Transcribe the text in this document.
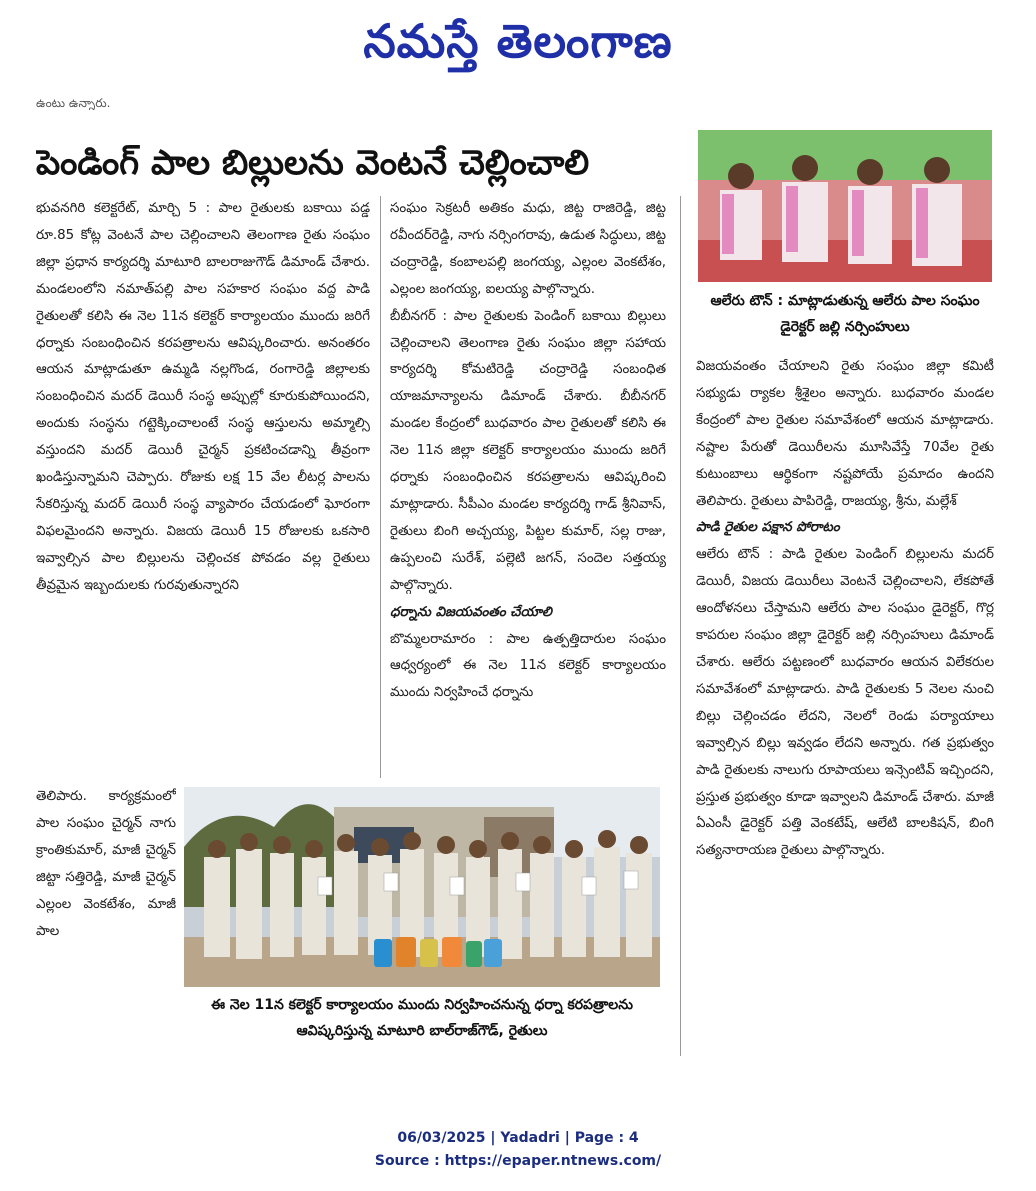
నమస్తే తెలంగాణ
ఉంటు ఉన్నారు.
పెండింగ్‌ పాల బిల్లులను వెంటనే చెల్లించాలి

భువనగిరి కలెక్టరేట్‌, మార్చి 5 : పాల రైతులకు బకాయి పడ్డ రూ.85 కోట్ల వెంటనే పాల చెల్లించాలని తెలంగాణ రైతు సంఘం జిల్లా ప్రధాన కార్యదర్శి మాటూరి బాలరాజుగౌడ్‌ డిమాండ్‌ చేశారు. మండలంలోని నమాత్‌పల్లి పాల సహకార సంఘం వద్ద పాడి రైతులతో కలిసి ఈ నెల 11న కలెక్టర్‌ కార్యాలయం ముందు జరిగే ధర్నాకు సంబంధించిన కరపత్రాలను ఆవిష్కరించారు. అనంతరం ఆయన మాట్లాడుతూ ఉమ్మడి నల్లగొండ, రంగారెడ్డి జిల్లాలకు సంబంధించిన మదర్‌ డెయిరీ సంస్థ అప్పుల్లో కూరుకుపోయిందని, అందుకు సంస్థను గట్టెక్కించాలంటే సంస్థ ఆస్తులను అమ్మాల్సి వస్తుందని మదర్‌ డెయిరీ చైర్మన్‌ ప్రకటించడాన్ని తీవ్రంగా ఖండిస్తున్నామని చెప్పారు. రోజుకు లక్ష 15 వేల లీటర్ల పాలను సేకరిస్తున్న మదర్‌ డెయిరీ సంస్థ వ్యాపారం చేయడంలో ఘోరంగా విఫలమైందని అన్నారు. విజయ డెయిరీ 15 రోజులకు ఒకసారి ఇవ్వాల్సిన పాల బిల్లులను చెల్లించక పోవడం వల్ల రైతులు తీవ్రమైన ఇబ్బందులకు గురవుతున్నారని

తెలిపారు. కార్యక్రమంలో పాల సంఘం చైర్మన్‌ నాగు క్రాంతికుమార్‌, మాజీ చైర్మన్‌ జిట్టా సత్తిరెడ్డి, మాజీ చైర్మన్‌ ఎల్లంల వెంకటేశం, మాజీ పాల

సంఘం సెక్రటరీ అతికం మధు, జిట్ట రాజిరెడ్డి, జిట్ట రవీందర్‌రెడ్డి, నాగు నర్సింగరావు, ఉడుత సిద్ధులు, జిట్ట చంద్రారెడ్డి, కంబాలపల్లి జంగయ్య, ఎల్లంల వెంకటేశం, ఎల్లంల జంగయ్య, ఐలయ్య పాల్గొన్నారు.

బీబీనగర్‌ : పాల రైతులకు పెండింగ్‌ బకాయి బిల్లులు చెల్లించాలని తెలంగాణ రైతు సంఘం జిల్లా సహాయ కార్యదర్శి కోమటిరెడ్డి చంద్రారెడ్డి సంబంధిత యాజమాన్యాలను డిమాండ్‌ చేశారు. బీబీనగర్‌ మండల కేంద్రంలో బుధవారం పాల రైతులతో కలిసి ఈ నెల 11న జిల్లా కలెక్టర్‌ కార్యాలయం ముందు జరిగే ధర్నాకు సంబంధించిన కరపత్రాలను ఆవిష్కరించి మాట్లాడారు. సీపీఎం మండల కార్యదర్శి గాడ్‌ శ్రీనివాస్‌, రైతులు బింగి అచ్చయ్య, పిట్టల కుమార్‌, సల్ల రాజు, ఉప్పలంచి సురేశ్‌, పల్లెటి జగన్‌, సందెల సత్తయ్య పాల్గొన్నారు.

ధర్నాను విజయవంతం చేయాలి

బొమ్మలరామారం : పాల ఉత్పత్తిదారుల సంఘం ఆధ్వర్యంలో ఈ నెల 11న కలెక్టర్‌ కార్యాలయం ముందు నిర్వహించే ధర్నాను

ఈ నెల 11న కలెక్టర్‌ కార్యాలయం ముందు నిర్వహించనున్న ధర్నా కరపత్రాలను ఆవిష్కరిస్తున్న మాటూరి బాల్‌రాజ్‌గౌడ్‌, రైతులు
ఆలేరు టౌన్‌ : మాట్లాడుతున్న ఆలేరు పాల సంఘం డైరెక్టర్‌ జల్లి నర్సింహులు

విజయవంతం చేయాలని రైతు సంఘం జిల్లా కమిటీ సభ్యుడు ర్యాకల శ్రీశైలం అన్నారు. బుధవారం మండల కేంద్రంలో పాల రైతుల సమావేశంలో ఆయన మాట్లాడారు. నష్టాల పేరుతో డెయిరీలను మూసివేస్తే 70వేల రైతు కుటుంబాలు ఆర్థికంగా నష్టపోయే ప్రమాదం ఉందని తెలిపారు. రైతులు పాపిరెడ్డి, రాజయ్య, శ్రీను, మల్లేశ్‌

పాడి రైతుల పక్షాన పోరాటం

ఆలేరు టౌన్‌ : పాడి రైతుల పెండింగ్‌ బిల్లులను మదర్‌ డెయిరీ, విజయ డెయిరీలు వెంటనే చెల్లించాలని, లేకపోతే ఆందోళనలు చేస్తామని ఆలేరు పాల సంఘం డైరెక్టర్‌, గొర్ల కాపరుల సంఘం జిల్లా డైరెక్టర్‌ జల్లి నర్సింహులు డిమాండ్‌ చేశారు. ఆలేరు పట్టణంలో బుధవారం ఆయన విలేకరుల సమావేశంలో మాట్లాడారు. పాడి రైతులకు 5 నెలల నుంచి బిల్లు చెల్లించడం లేదని, నెలలో రెండు పర్యాయాలు ఇవ్వాల్సిన బిల్లు ఇవ్వడం లేదని అన్నారు. గత ప్రభుత్వం పాడి రైతులకు నాలుగు రూపాయలు ఇన్సెంటివ్‌ ఇచ్చిందని, ప్రస్తుత ప్రభుత్వం కూడా ఇవ్వాలని డిమాండ్‌ చేశారు. మాజీ ఏఎంసీ డైరెక్టర్‌ పత్తి వెంకటేష్‌, ఆలేటి బాలకిషన్‌, బింగి సత్యనారాయణ రైతులు పాల్గొన్నారు.

06/03/2025 | Yadadri | Page : 4
Source : https://epaper.ntnews.com/
